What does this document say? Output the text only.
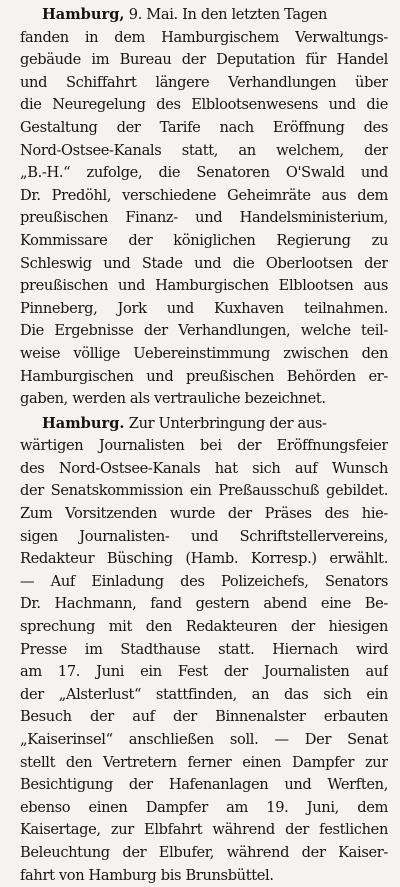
Hamburg, 9. Mai. In den letzten Tagen
fanden in dem Hamburgischem Verwaltungs-
gebäude im Bureau der Deputation für Handel
und Schiffahrt längere Verhandlungen über
die Neuregelung des Elblootsenwesens und die
Gestaltung der Tarife nach Eröffnung des
Nord-Ostsee-Kanals statt, an welchem, der
„B.-H.“ zufolge, die Senatoren O'Swald und
Dr. Predöhl, verschiedene Geheimräte aus dem
preußischen Finanz- und Handelsministerium,
Kommissare der königlichen Regierung zu
Schleswig und Stade und die Oberlootsen der
preußischen und Hamburgischen Elblootsen aus
Pinneberg, Jork und Kuxhaven teilnahmen.
Die Ergebnisse der Verhandlungen, welche teil-
weise völlige Uebereinstimmung zwischen den
Hamburgischen und preußischen Behörden er-
gaben, werden als vertrauliche bezeichnet.
Hamburg. Zur Unterbringung der aus-
wärtigen Journalisten bei der Eröffnungsfeier
des Nord-Ostsee-Kanals hat sich auf Wunsch
der Senatskommission ein Preßausschuß gebildet.
Zum Vorsitzenden wurde der Präses des hie-
sigen Journalisten- und Schriftstellervereins,
Redakteur Büsching (Hamb. Korresp.) erwählt.
— Auf Einladung des Polizeichefs, Senators
Dr. Hachmann, fand gestern abend eine Be-
sprechung mit den Redakteuren der hiesigen
Presse im Stadthause statt. Hiernach wird
am 17. Juni ein Fest der Journalisten auf
der „Alsterlust“ stattfinden, an das sich ein
Besuch der auf der Binnenalster erbauten
„Kaiserinsel“ anschließen soll. — Der Senat
stellt den Vertretern ferner einen Dampfer zur
Besichtigung der Hafenanlagen und Werften,
ebenso einen Dampfer am 19. Juni, dem
Kaisertage, zur Elbfahrt während der festlichen
Beleuchtung der Elbufer, während der Kaiser-
fahrt von Hamburg bis Brunsbüttel.
